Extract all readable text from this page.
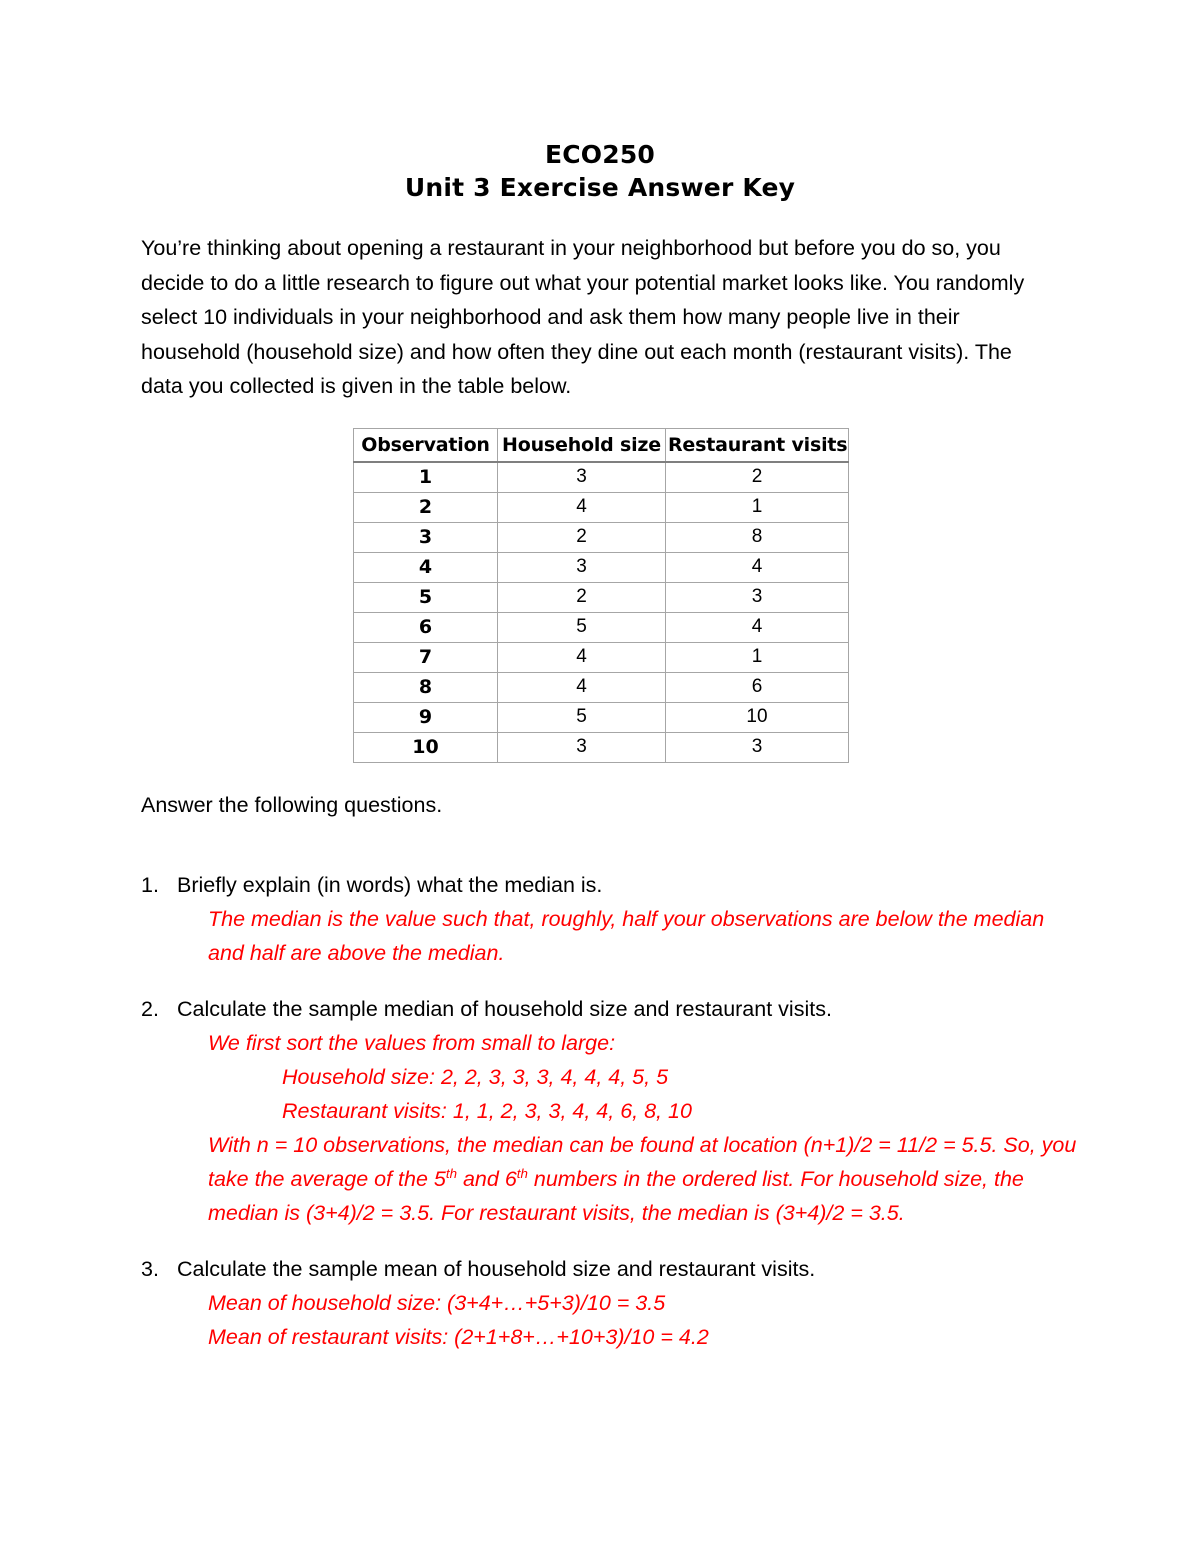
ECO250
Unit 3 Exercise Answer Key

You’re thinking about opening a restaurant in your neighborhood but before you do so, you decide to do a little research to figure out what your potential market looks like. You randomly select 10 individuals in your neighborhood and ask them how many people live in their household (household size) and how often they dine out each month (restaurant visits). The data you collected is given in the table below.

Observation	Household size	Restaurant visits
1	3	2
2	4	1
3	2	8
4	3	4
5	2	3
6	5	4
7	4	1
8	4	6
9	5	10
10	3	3

Answer the following questions.

1. Briefly explain (in words) what the median is.
The median is the value such that, roughly, half your observations are below the median and half are above the median.
2. Calculate the sample median of household size and restaurant visits.
We first sort the values from small to large:
Household size: 2, 2, 3, 3, 3, 4, 4, 4, 5, 5
Restaurant visits: 1, 1, 2, 3, 3, 4, 4, 6, 8, 10
With n = 10 observations, the median can be found at location (n+1)/2 = 11/2 = 5.5. So, you take the average of the 5th and 6th numbers in the ordered list. For household size, the median is (3+4)/2 = 3.5. For restaurant visits, the median is (3+4)/2 = 3.5.
3. Calculate the sample mean of household size and restaurant visits.
Mean of household size: (3+4+…+5+3)/10 = 3.5
Mean of restaurant visits: (2+1+8+…+10+3)/10 = 4.2
